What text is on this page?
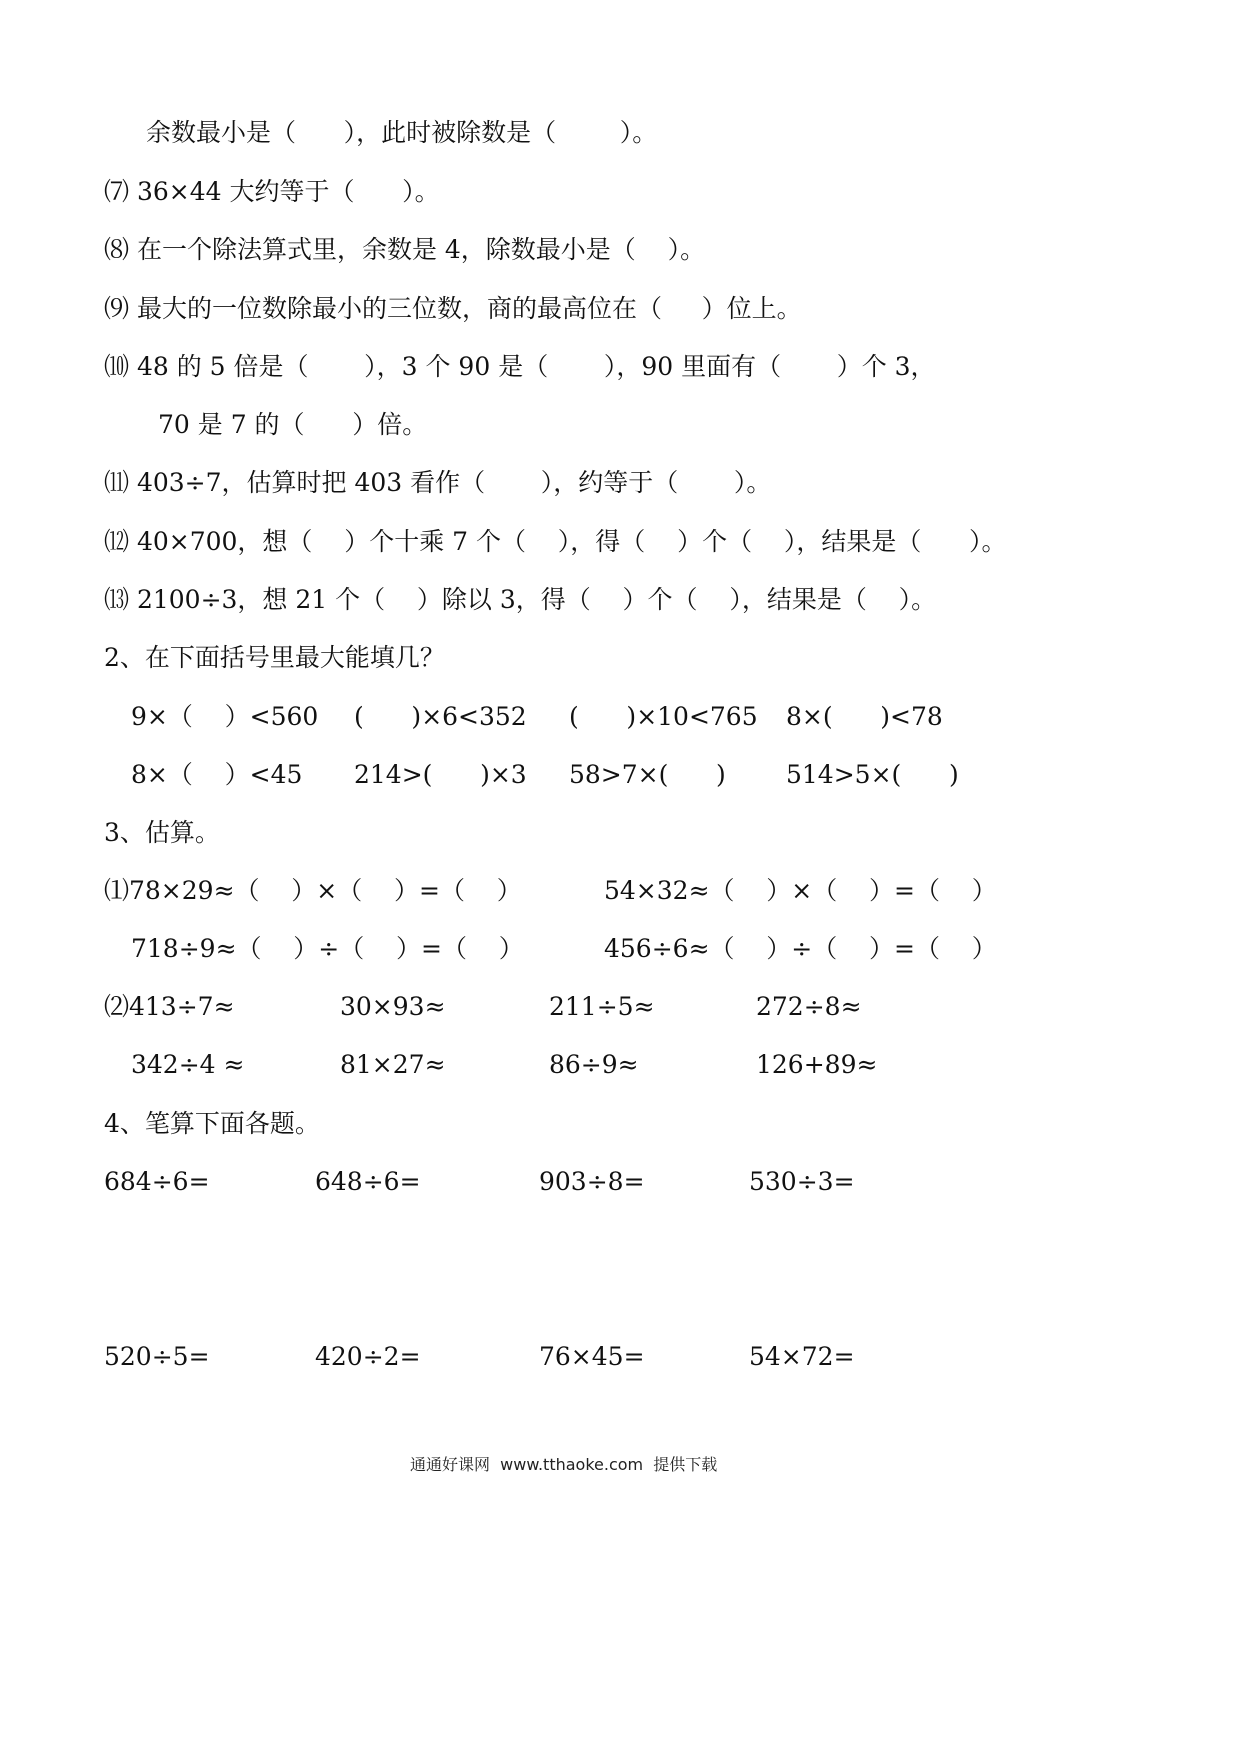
余数最小是（      ），此时被除数是（        ）。
⑺ 36×44 大约等于（      ）。
⑻ 在一个除法算式里，余数是 4，除数最小是（    ）。
⑼ 最大的一位数除最小的三位数，商的最高位在（     ）位上。
⑽ 48 的 5 倍是（       ），3 个 90 是（       ），90 里面有（       ）个 3，
70 是 7 的（      ）倍。
⑾ 403÷7，估算时把 403 看作（       ），约等于（       ）。
⑿ 40×700，想（    ）个十乘 7 个（    ），得（    ）个（    ），结果是（      ）。
⒀ 2100÷3，想 21 个（    ）除以 3，得（    ）个（    ），结果是（    ）。
2、在下面括号里最大能填几？
9×（    ）<560 (      )×6<352 (      )×10<765 8×(      )<78
8×（    ）<45 214>(      )×3 58>7×(      ) 514>5×(      )
3、估算。
⑴78×29≈（    ）×（    ）=（    ）	54×32≈（    ）×（    ）=（    ）
718÷9≈（    ）÷（    ）=（    ）	456÷6≈（    ）÷（    ）=（    ）
⑵413÷7≈	30×93≈	211÷5≈	272÷8≈
342÷4 ≈	81×27≈	86÷9≈	126+89≈
4、笔算下面各题。
684÷6=	648÷6=	903÷8=	530÷3=
520÷5=	420÷2=	76×45=	54×72=
通通好课网  www.tthaoke.com  提供下载
